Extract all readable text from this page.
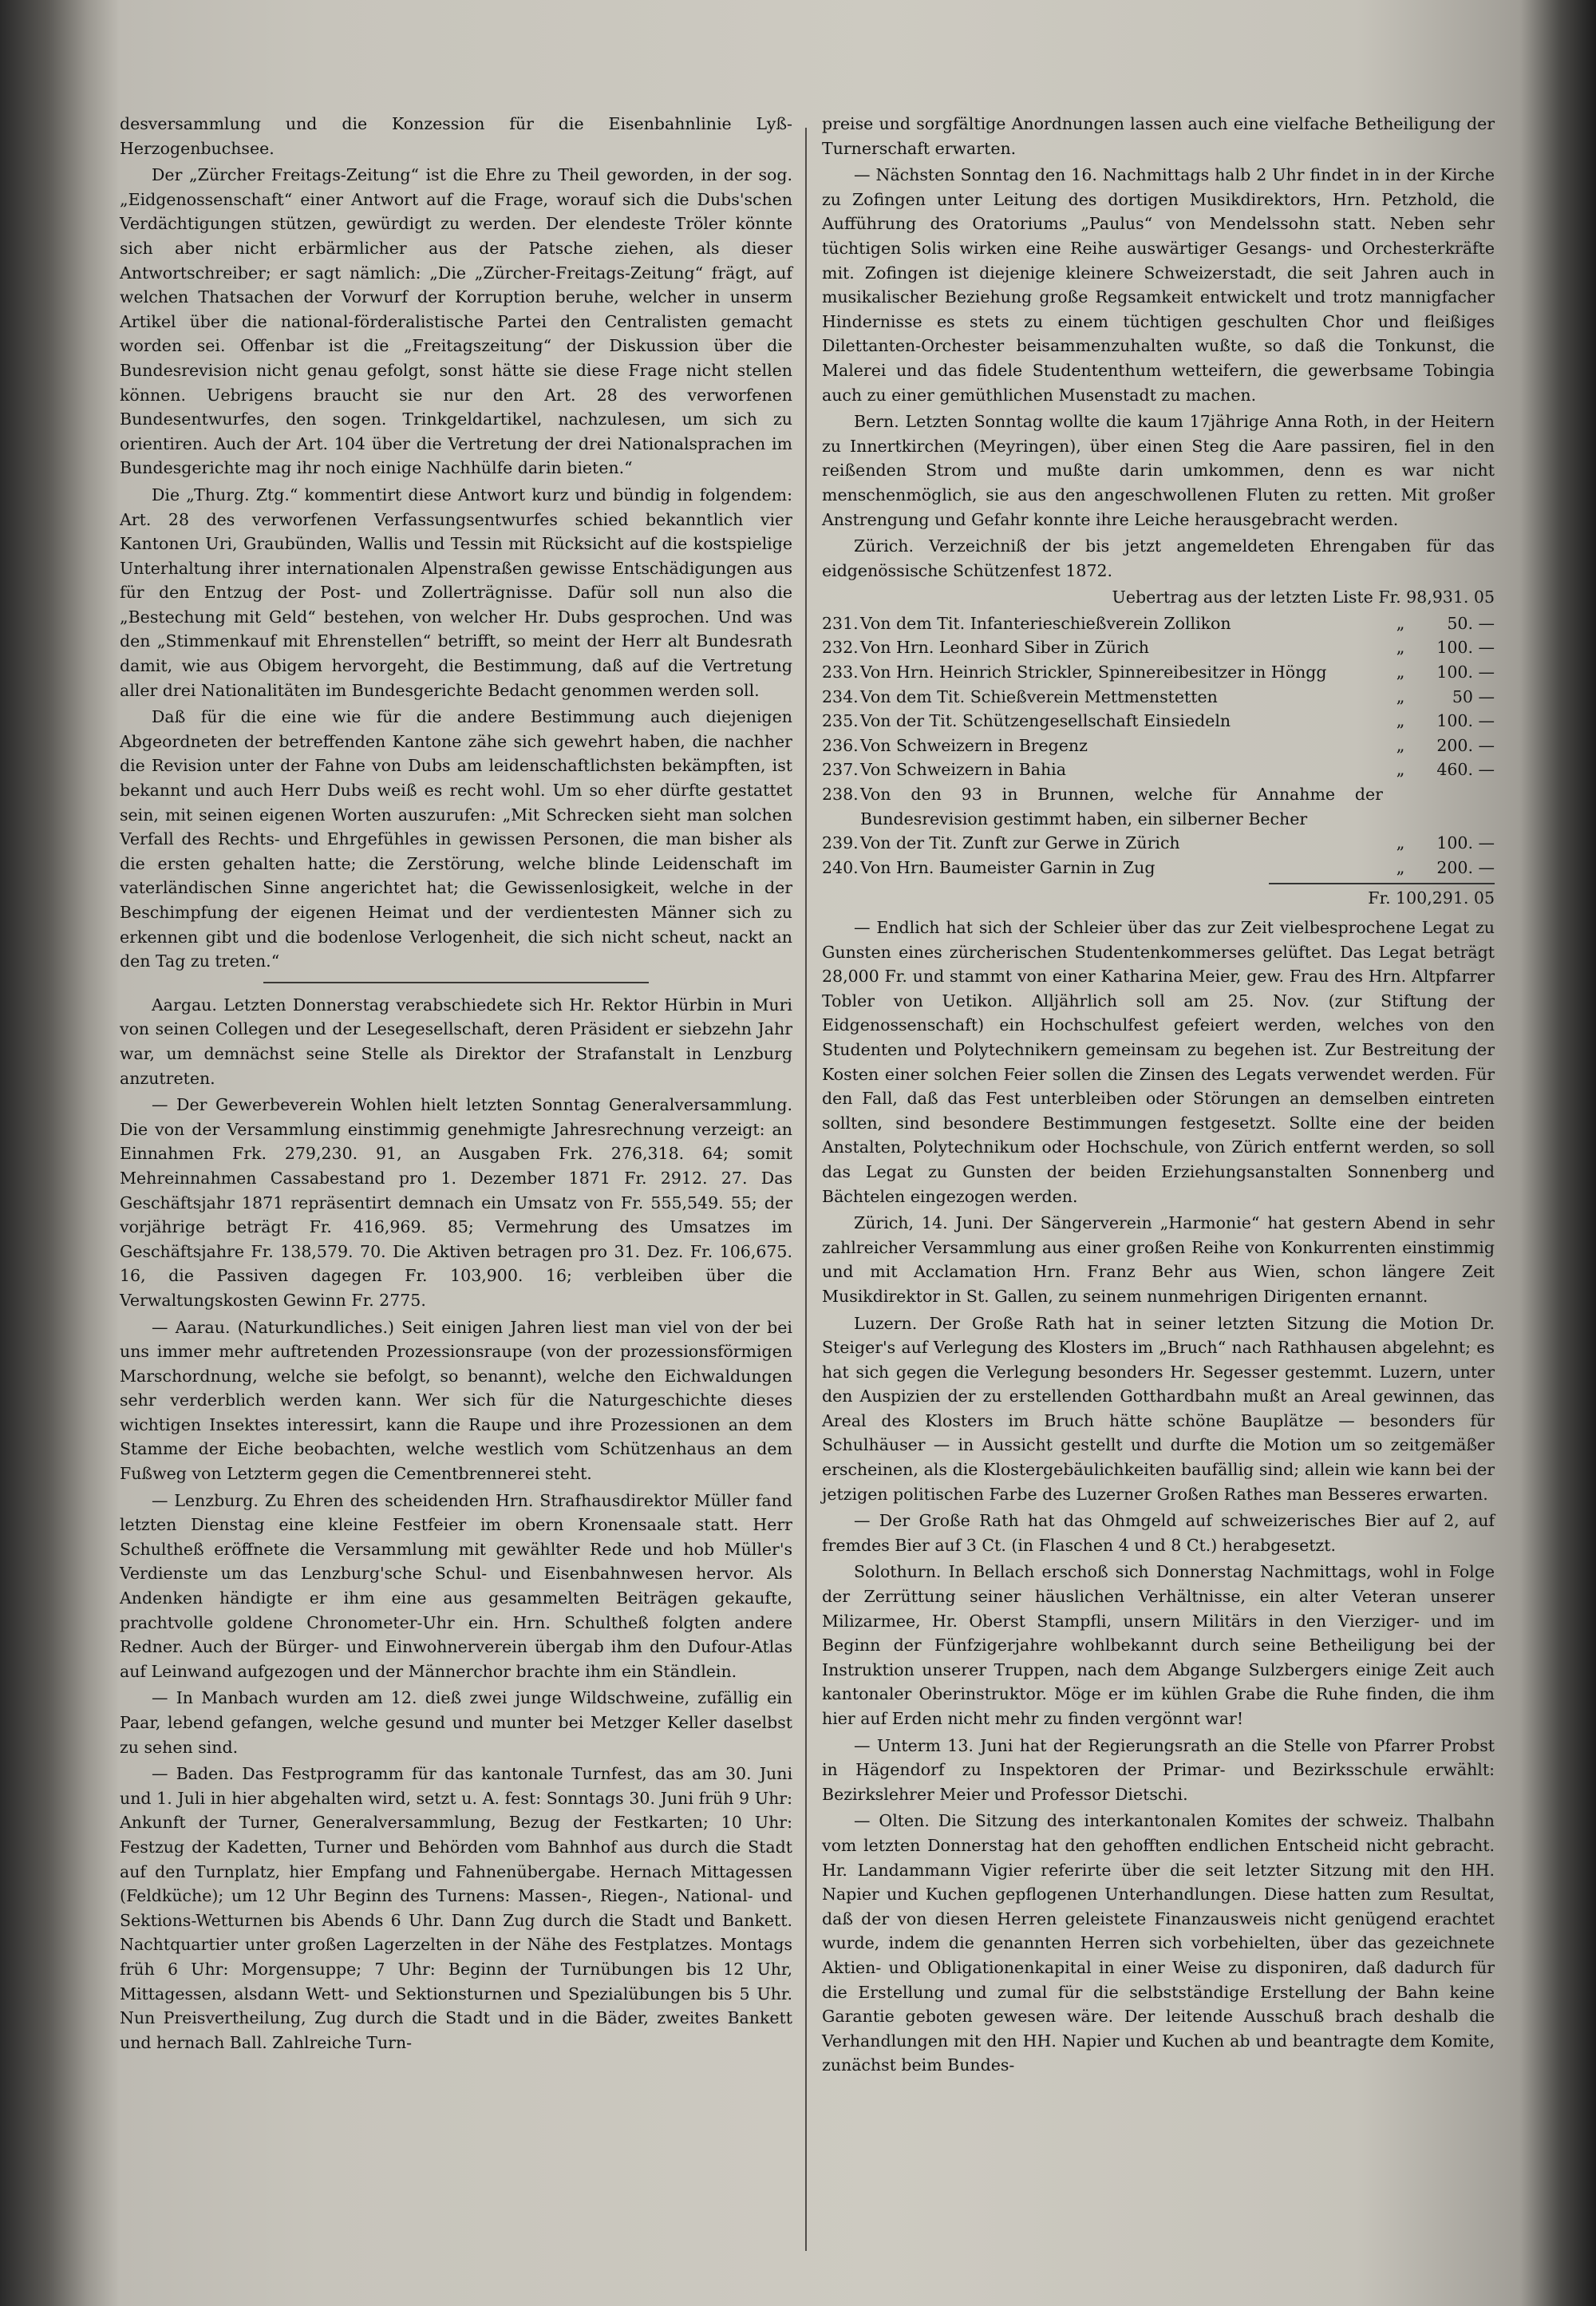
desversammlung und die Konzession für die Eisenbahnlinie Lyß-Herzogenbuchsee.

Der „Zürcher Freitags-Zeitung“ ist die Ehre zu Theil geworden, in der sog. „Eidgenossenschaft“ einer Antwort auf die Frage, worauf sich die Dubs'schen Verdächtigungen stützen, gewürdigt zu werden. Der elendeste Tröler könnte sich aber nicht erbärmlicher aus der Patsche ziehen, als dieser Antwortschreiber; er sagt nämlich: „Die „Zürcher-Freitags-Zeitung“ frägt, auf welchen Thatsachen der Vorwurf der Korruption beruhe, welcher in unserm Artikel über die national-förderalistische Partei den Centralisten gemacht worden sei. Offenbar ist die „Freitagszeitung“ der Diskussion über die Bundesrevision nicht genau gefolgt, sonst hätte sie diese Frage nicht stellen können. Uebrigens braucht sie nur den Art. 28 des verworfenen Bundesentwurfes, den sogen. Trinkgeldartikel, nachzulesen, um sich zu orientiren. Auch der Art. 104 über die Vertretung der drei Nationalsprachen im Bundesgerichte mag ihr noch einige Nachhülfe darin bieten.“

Die „Thurg. Ztg.“ kommentirt diese Antwort kurz und bündig in folgendem: Art. 28 des verworfenen Verfassungsentwurfes schied bekanntlich vier Kantonen Uri, Graubünden, Wallis und Tessin mit Rücksicht auf die kostspielige Unterhaltung ihrer internationalen Alpenstraßen gewisse Entschädigungen aus für den Entzug der Post- und Zollerträgnisse. Dafür soll nun also die „Bestechung mit Geld“ bestehen, von welcher Hr. Dubs gesprochen. Und was den „Stimmenkauf mit Ehrenstellen“ betrifft, so meint der Herr alt Bundesrath damit, wie aus Obigem hervorgeht, die Bestimmung, daß auf die Vertretung aller drei Nationalitäten im Bundesgerichte Bedacht genommen werden soll.

Daß für die eine wie für die andere Bestimmung auch diejenigen Abgeordneten der betreffenden Kantone zähe sich gewehrt haben, die nachher die Revision unter der Fahne von Dubs am leidenschaftlichsten bekämpften, ist bekannt und auch Herr Dubs weiß es recht wohl. Um so eher dürfte gestattet sein, mit seinen eigenen Worten auszurufen: „Mit Schrecken sieht man solchen Verfall des Rechts- und Ehrgefühles in gewissen Personen, die man bisher als die ersten gehalten hatte; die Zerstörung, welche blinde Leidenschaft im vaterländischen Sinne angerichtet hat; die Gewissenlosigkeit, welche in der Beschimpfung der eigenen Heimat und der verdientesten Männer sich zu erkennen gibt und die bodenlose Verlogenheit, die sich nicht scheut, nackt an den Tag zu treten.“

Aargau. Letzten Donnerstag verabschiedete sich Hr. Rektor Hürbin in Muri von seinen Collegen und der Lesegesellschaft, deren Präsident er siebzehn Jahr war, um demnächst seine Stelle als Direktor der Strafanstalt in Lenzburg anzutreten.

— Der Gewerbeverein Wohlen hielt letzten Sonntag Generalversammlung. Die von der Versammlung einstimmig genehmigte Jahresrechnung verzeigt: an Einnahmen Frk. 279,230. 91, an Ausgaben Frk. 276,318. 64; somit Mehreinnahmen Cassabestand pro 1. Dezember 1871 Fr. 2912. 27. Das Geschäftsjahr 1871 repräsentirt demnach ein Umsatz von Fr. 555,549. 55; der vorjährige beträgt Fr. 416,969. 85; Vermehrung des Umsatzes im Geschäftsjahre Fr. 138,579. 70. Die Aktiven betragen pro 31. Dez. Fr. 106,675. 16, die Passiven dagegen Fr. 103,900. 16; verbleiben über die Verwaltungskosten Gewinn Fr. 2775.

— Aarau. (Naturkundliches.) Seit einigen Jahren liest man viel von der bei uns immer mehr auftretenden Prozessionsraupe (von der prozessionsförmigen Marschordnung, welche sie befolgt, so benannt), welche den Eichwaldungen sehr verderblich werden kann. Wer sich für die Naturgeschichte dieses wichtigen Insektes interessirt, kann die Raupe und ihre Prozessionen an dem Stamme der Eiche beobachten, welche westlich vom Schützenhaus an dem Fußweg von Letzterm gegen die Cementbrennerei steht.

— Lenzburg. Zu Ehren des scheidenden Hrn. Strafhausdirektor Müller fand letzten Dienstag eine kleine Festfeier im obern Kronensaale statt. Herr Schultheß eröffnete die Versammlung mit gewählter Rede und hob Müller's Verdienste um das Lenzburg'sche Schul- und Eisenbahnwesen hervor. Als Andenken händigte er ihm eine aus gesammelten Beiträgen gekaufte, prachtvolle goldene Chronometer-Uhr ein. Hrn. Schultheß folgten andere Redner. Auch der Bürger- und Einwohnerverein übergab ihm den Dufour-Atlas auf Leinwand aufgezogen und der Männerchor brachte ihm ein Ständlein.

— In Manbach wurden am 12. dieß zwei junge Wildschweine, zufällig ein Paar, lebend gefangen, welche gesund und munter bei Metzger Keller daselbst zu sehen sind.

— Baden. Das Festprogramm für das kantonale Turnfest, das am 30. Juni und 1. Juli in hier abgehalten wird, setzt u. A. fest: Sonntags 30. Juni früh 9 Uhr: Ankunft der Turner, Generalversammlung, Bezug der Festkarten; 10 Uhr: Festzug der Kadetten, Turner und Behörden vom Bahnhof aus durch die Stadt auf den Turnplatz, hier Empfang und Fahnenübergabe. Hernach Mittagessen (Feldküche); um 12 Uhr Beginn des Turnens: Massen-, Riegen-, National- und Sektions-Wetturnen bis Abends 6 Uhr. Dann Zug durch die Stadt und Bankett. Nachtquartier unter großen Lagerzelten in der Nähe des Festplatzes. Montags früh 6 Uhr: Morgensuppe; 7 Uhr: Beginn der Turnübungen bis 12 Uhr, Mittagessen, alsdann Wett- und Sektionsturnen und Spezialübungen bis 5 Uhr. Nun Preisvertheilung, Zug durch die Stadt und in die Bäder, zweites Bankett und hernach Ball. Zahlreiche Turn-

preise und sorgfältige Anordnungen lassen auch eine vielfache Betheiligung der Turnerschaft erwarten.

— Nächsten Sonntag den 16. Nachmittags halb 2 Uhr findet in in der Kirche zu Zofingen unter Leitung des dortigen Musikdirektors, Hrn. Petzhold, die Aufführung des Oratoriums „Paulus“ von Mendelssohn statt. Neben sehr tüchtigen Solis wirken eine Reihe auswärtiger Gesangs- und Orchesterkräfte mit. Zofingen ist diejenige kleinere Schweizerstadt, die seit Jahren auch in musikalischer Beziehung große Regsamkeit entwickelt und trotz mannigfacher Hindernisse es stets zu einem tüchtigen geschulten Chor und fleißiges Dilettanten-Orchester beisammenzuhalten wußte, so daß die Tonkunst, die Malerei und das fidele Studententhum wetteifern, die gewerbsame Tobingia auch zu einer gemüthlichen Musenstadt zu machen.

Bern. Letzten Sonntag wollte die kaum 17jährige Anna Roth, in der Heitern zu Innertkirchen (Meyringen), über einen Steg die Aare passiren, fiel in den reißenden Strom und mußte darin umkommen, denn es war nicht menschenmöglich, sie aus den angeschwollenen Fluten zu retten. Mit großer Anstrengung und Gefahr konnte ihre Leiche herausgebracht werden.

Zürich. Verzeichniß der bis jetzt angemeldeten Ehrengaben für das eidgenössische Schützenfest 1872.

Uebertrag aus der letzten Liste Fr. 98,931. 05
231. Von dem Tit. Infanterieschießverein Zollikon	„	50. —
232. Von Hrn. Leonhard Siber in Zürich	„	100. —
233. Von Hrn. Heinrich Strickler, Spinnereibesitzer in Höngg	„	100. —
234. Von dem Tit. Schießverein Mettmenstetten	„	50 —
235. Von der Tit. Schützengesellschaft Einsiedeln	„	100. —
236. Von Schweizern in Bregenz	„	200. —
237. Von Schweizern in Bahia	„	460. —
238. Von den 93 in Brunnen, welche für Annahme der Bundesrevision gestimmt haben, ein silberner Becher
239. Von der Tit. Zunft zur Gerwe in Zürich	„	100. —
240. Von Hrn. Baumeister Garnin in Zug	„	200. —
Fr. 100,291. 05

— Endlich hat sich der Schleier über das zur Zeit vielbesprochene Legat zu Gunsten eines zürcherischen Studentenkommerses gelüftet. Das Legat beträgt 28,000 Fr. und stammt von einer Katharina Meier, gew. Frau des Hrn. Altpfarrer Tobler von Uetikon. Alljährlich soll am 25. Nov. (zur Stiftung der Eidgenossenschaft) ein Hochschulfest gefeiert werden, welches von den Studenten und Polytechnikern gemeinsam zu begehen ist. Zur Bestreitung der Kosten einer solchen Feier sollen die Zinsen des Legats verwendet werden. Für den Fall, daß das Fest unterbleiben oder Störungen an demselben eintreten sollten, sind besondere Bestimmungen festgesetzt. Sollte eine der beiden Anstalten, Polytechnikum oder Hochschule, von Zürich entfernt werden, so soll das Legat zu Gunsten der beiden Erziehungsanstalten Sonnenberg und Bächtelen eingezogen werden.

Zürich, 14. Juni. Der Sängerverein „Harmonie“ hat gestern Abend in sehr zahlreicher Versammlung aus einer großen Reihe von Konkurrenten einstimmig und mit Acclamation Hrn. Franz Behr aus Wien, schon längere Zeit Musikdirektor in St. Gallen, zu seinem nunmehrigen Dirigenten ernannt.

Luzern. Der Große Rath hat in seiner letzten Sitzung die Motion Dr. Steiger's auf Verlegung des Klosters im „Bruch“ nach Rathhausen abgelehnt; es hat sich gegen die Verlegung besonders Hr. Segesser gestemmt. Luzern, unter den Auspizien der zu erstellenden Gotthardbahn mußt an Areal gewinnen, das Areal des Klosters im Bruch hätte schöne Bauplätze — besonders für Schulhäuser — in Aussicht gestellt und durfte die Motion um so zeitgemäßer erscheinen, als die Klostergebäulichkeiten baufällig sind; allein wie kann bei der jetzigen politischen Farbe des Luzerner Großen Rathes man Besseres erwarten.

— Der Große Rath hat das Ohmgeld auf schweizerisches Bier auf 2, auf fremdes Bier auf 3 Ct. (in Flaschen 4 und 8 Ct.) herabgesetzt.

Solothurn. In Bellach erschoß sich Donnerstag Nachmittags, wohl in Folge der Zerrüttung seiner häuslichen Verhältnisse, ein alter Veteran unserer Milizarmee, Hr. Oberst Stampfli, unsern Militärs in den Vierziger- und im Beginn der Fünfzigerjahre wohlbekannt durch seine Betheiligung bei der Instruktion unserer Truppen, nach dem Abgange Sulzbergers einige Zeit auch kantonaler Oberinstruktor. Möge er im kühlen Grabe die Ruhe finden, die ihm hier auf Erden nicht mehr zu finden vergönnt war!

— Unterm 13. Juni hat der Regierungsrath an die Stelle von Pfarrer Probst in Hägendorf zu Inspektoren der Primar- und Bezirksschule erwählt: Bezirkslehrer Meier und Professor Dietschi.

— Olten. Die Sitzung des interkantonalen Komites der schweiz. Thalbahn vom letzten Donnerstag hat den gehofften endlichen Entscheid nicht gebracht. Hr. Landammann Vigier referirte über die seit letzter Sitzung mit den HH. Napier und Kuchen gepflogenen Unterhandlungen. Diese hatten zum Resultat, daß der von diesen Herren geleistete Finanzausweis nicht genügend erachtet wurde, indem die genannten Herren sich vorbehielten, über das gezeichnete Aktien- und Obligationenkapital in einer Weise zu disponiren, daß dadurch für die Erstellung und zumal für die selbstständige Erstellung der Bahn keine Garantie geboten gewesen wäre. Der leitende Ausschuß brach deshalb die Verhandlungen mit den HH. Napier und Kuchen ab und beantragte dem Komite, zunächst beim Bundes-
